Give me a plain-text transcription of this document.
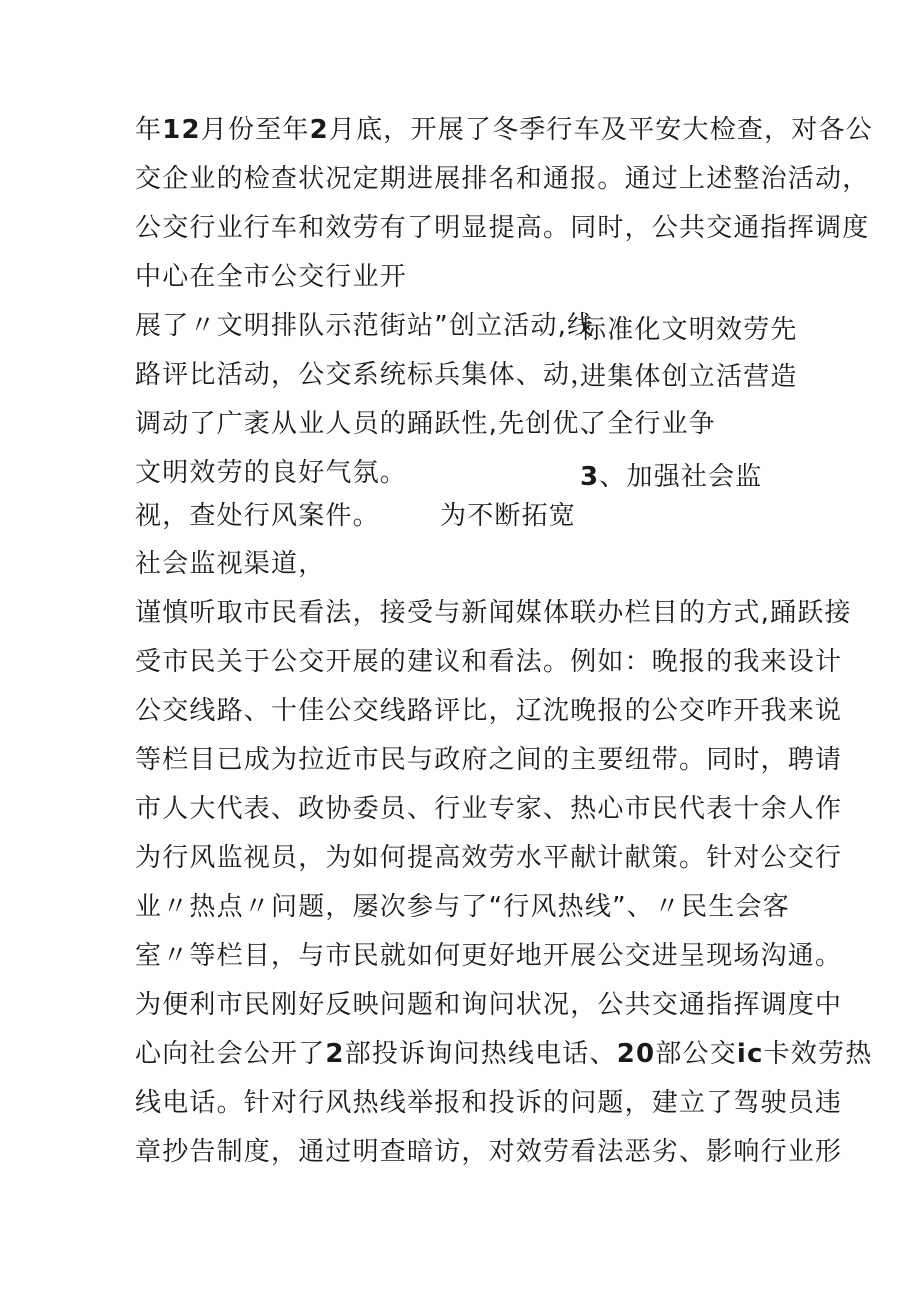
年12月份至年2月底，开展了冬季行车及平安大检查，对各公
交企业的检查状况定期进展排名和通报。通过上述整治活动，
公交行业行车和效劳有了明显提高。同时，公共交通指挥调度
中心在全市公交行业开
展了〃文明排队示范街站”创立活动,线
路评比活动，公交系统标兵集体、动，
调动了广袤从业人员的踊跃性,先创优、
文明效劳的良好气氛。
标准化文明效劳先
进集体创立活营造
了全行业争
3、加强社会监
视，查处行风案件。 为不断拓宽
社会监视渠道，
谨慎听取市民看法，接受与新闻媒体联办栏目的方式,踊跃接
受市民关于公交开展的建议和看法。例如：晚报的我来设计
公交线路、十佳公交线路评比，辽沈晚报的公交咋开我来说
等栏目已成为拉近市民与政府之间的主要纽带。同时，聘请
市人大代表、政协委员、行业专家、热心市民代表十余人作
为行风监视员，为如何提高效劳水平献计献策。针对公交行
业〃热点〃问题，屡次参与了“行风热线”、〃民生会客
室〃等栏目，与市民就如何更好地开展公交进呈现场沟通。
为便利市民刚好反映问题和询问状况，公共交通指挥调度中
心向社会公开了2部投诉询问热线电话、20部公交ic卡效劳热
线电话。针对行风热线举报和投诉的问题，建立了驾驶员违
章抄告制度，通过明查暗访，对效劳看法恶劣、影响行业形
